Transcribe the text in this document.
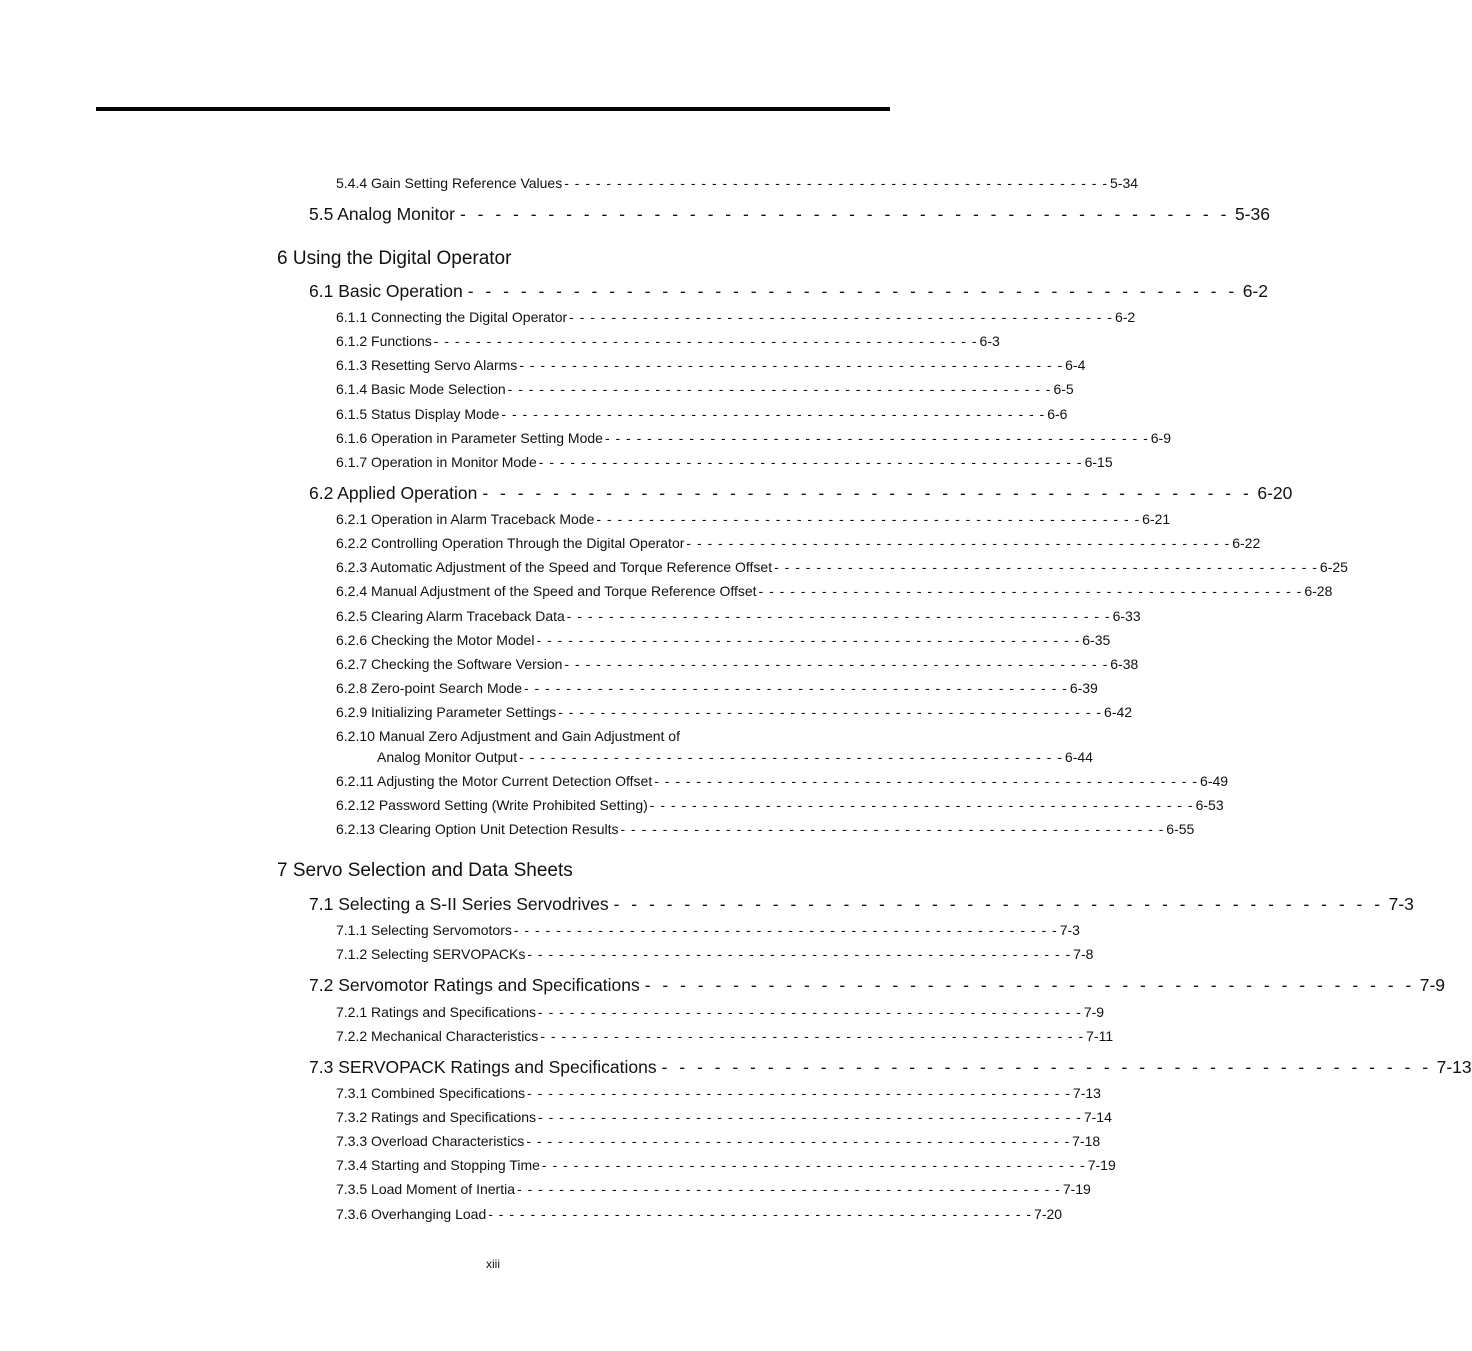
5.4.4 Gain Setting Reference Values - - - - - - - - - - - - - - - - - - - - - - - - - - - - - - - - - - - - - - - - - - - - - - - - - - - - 5-34
5.5 Analog Monitor - - - - - - - - - - - - - - - - - - - - - - - - - - - - - - - - - - - - - - - - - - - - 5-36
6 Using the Digital Operator
6.1 Basic Operation - - - - - - - - - - - - - - - - - - - - - - - - - - - - - - - - - - - - - - - - - - - - 6-2
6.1.1 Connecting the Digital Operator - - - - - - - - - - - - - - - - - - - - - - - - - - - - - - - - - - - - - - - - - - - - - - - - - - - - 6-2
6.1.2 Functions - - - - - - - - - - - - - - - - - - - - - - - - - - - - - - - - - - - - - - - - - - - - - - - - - - - - 6-3
6.1.3 Resetting Servo Alarms - - - - - - - - - - - - - - - - - - - - - - - - - - - - - - - - - - - - - - - - - - - - - - - - - - - - 6-4
6.1.4 Basic Mode Selection - - - - - - - - - - - - - - - - - - - - - - - - - - - - - - - - - - - - - - - - - - - - - - - - - - - - 6-5
6.1.5 Status Display Mode - - - - - - - - - - - - - - - - - - - - - - - - - - - - - - - - - - - - - - - - - - - - - - - - - - - - 6-6
6.1.6 Operation in Parameter Setting Mode - - - - - - - - - - - - - - - - - - - - - - - - - - - - - - - - - - - - - - - - - - - - - - - - - - - - 6-9
6.1.7 Operation in Monitor Mode - - - - - - - - - - - - - - - - - - - - - - - - - - - - - - - - - - - - - - - - - - - - - - - - - - - - 6-15
6.2 Applied Operation - - - - - - - - - - - - - - - - - - - - - - - - - - - - - - - - - - - - - - - - - - - - 6-20
6.2.1 Operation in Alarm Traceback Mode - - - - - - - - - - - - - - - - - - - - - - - - - - - - - - - - - - - - - - - - - - - - - - - - - - - - 6-21
6.2.2 Controlling Operation Through the Digital Operator - - - - - - - - - - - - - - - - - - - - - - - - - - - - - - - - - - - - - - - - - - - - - - - - - - - - 6-22
6.2.3 Automatic Adjustment of the Speed and Torque Reference Offset - - - - - - - - - - - - - - - - - - - - - - - - - - - - - - - - - - - - - - - - - - - - - - - - - - - - 6-25
6.2.4 Manual Adjustment of the Speed and Torque Reference Offset - - - - - - - - - - - - - - - - - - - - - - - - - - - - - - - - - - - - - - - - - - - - - - - - - - - - 6-28
6.2.5 Clearing Alarm Traceback Data - - - - - - - - - - - - - - - - - - - - - - - - - - - - - - - - - - - - - - - - - - - - - - - - - - - - 6-33
6.2.6 Checking the Motor Model - - - - - - - - - - - - - - - - - - - - - - - - - - - - - - - - - - - - - - - - - - - - - - - - - - - - 6-35
6.2.7 Checking the Software Version - - - - - - - - - - - - - - - - - - - - - - - - - - - - - - - - - - - - - - - - - - - - - - - - - - - - 6-38
6.2.8 Zero-point Search Mode - - - - - - - - - - - - - - - - - - - - - - - - - - - - - - - - - - - - - - - - - - - - - - - - - - - - 6-39
6.2.9 Initializing Parameter Settings - - - - - - - - - - - - - - - - - - - - - - - - - - - - - - - - - - - - - - - - - - - - - - - - - - - - 6-42
6.2.10 Manual Zero Adjustment and Gain Adjustment of
Analog Monitor Output - - - - - - - - - - - - - - - - - - - - - - - - - - - - - - - - - - - - - - - - - - - - - - - - - - - - 6-44
6.2.11 Adjusting the Motor Current Detection Offset - - - - - - - - - - - - - - - - - - - - - - - - - - - - - - - - - - - - - - - - - - - - - - - - - - - - 6-49
6.2.12 Password Setting (Write Prohibited Setting) - - - - - - - - - - - - - - - - - - - - - - - - - - - - - - - - - - - - - - - - - - - - - - - - - - - - 6-53
6.2.13 Clearing Option Unit Detection Results - - - - - - - - - - - - - - - - - - - - - - - - - - - - - - - - - - - - - - - - - - - - - - - - - - - - 6-55
7 Servo Selection and Data Sheets
7.1 Selecting a S-II Series Servodrives - - - - - - - - - - - - - - - - - - - - - - - - - - - - - - - - - - - - - - - - - - - - 7-3
7.1.1 Selecting Servomotors - - - - - - - - - - - - - - - - - - - - - - - - - - - - - - - - - - - - - - - - - - - - - - - - - - - - 7-3
7.1.2 Selecting SERVOPACKs - - - - - - - - - - - - - - - - - - - - - - - - - - - - - - - - - - - - - - - - - - - - - - - - - - - - 7-8
7.2 Servomotor Ratings and Specifications - - - - - - - - - - - - - - - - - - - - - - - - - - - - - - - - - - - - - - - - - - - - 7-9
7.2.1 Ratings and Specifications - - - - - - - - - - - - - - - - - - - - - - - - - - - - - - - - - - - - - - - - - - - - - - - - - - - - 7-9
7.2.2 Mechanical Characteristics - - - - - - - - - - - - - - - - - - - - - - - - - - - - - - - - - - - - - - - - - - - - - - - - - - - - 7-11
7.3 SERVOPACK Ratings and Specifications - - - - - - - - - - - - - - - - - - - - - - - - - - - - - - - - - - - - - - - - - - - - 7-13
7.3.1 Combined Specifications - - - - - - - - - - - - - - - - - - - - - - - - - - - - - - - - - - - - - - - - - - - - - - - - - - - - 7-13
7.3.2 Ratings and Specifications - - - - - - - - - - - - - - - - - - - - - - - - - - - - - - - - - - - - - - - - - - - - - - - - - - - - 7-14
7.3.3 Overload Characteristics - - - - - - - - - - - - - - - - - - - - - - - - - - - - - - - - - - - - - - - - - - - - - - - - - - - - 7-18
7.3.4 Starting and Stopping Time - - - - - - - - - - - - - - - - - - - - - - - - - - - - - - - - - - - - - - - - - - - - - - - - - - - - 7-19
7.3.5 Load Moment of Inertia - - - - - - - - - - - - - - - - - - - - - - - - - - - - - - - - - - - - - - - - - - - - - - - - - - - - 7-19
7.3.6 Overhanging Load - - - - - - - - - - - - - - - - - - - - - - - - - - - - - - - - - - - - - - - - - - - - - - - - - - - - 7-20
xiii
